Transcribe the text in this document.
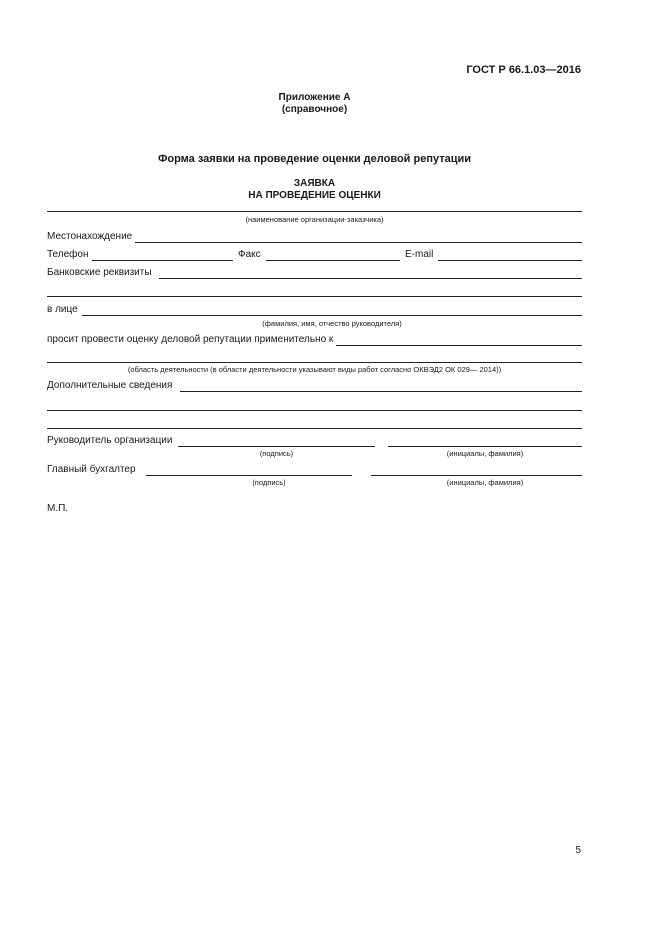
ГОСТ Р 66.1.03—2016
Приложение А
(справочное)
Форма заявки на проведение оценки деловой репутации
ЗАЯВКА
НА ПРОВЕДЕНИЕ ОЦЕНКИ
(наименование организации-заказчика)
Местонахождение
Телефон	Факс	E-mail
Банковские реквизиты
в лице
(фамилия, имя, отчество руководителя)
просит провести оценку деловой репутации применительно к
(область деятельности (в области деятельности указывают виды работ согласно ОКВЭД2 ОК 029— 2014))
Дополнительные сведения
Руководитель организации
(подпись)	(инициалы, фамилия)
Главный бухгалтер
(подпись)	(инициалы, фамилия)
М.П.
5
